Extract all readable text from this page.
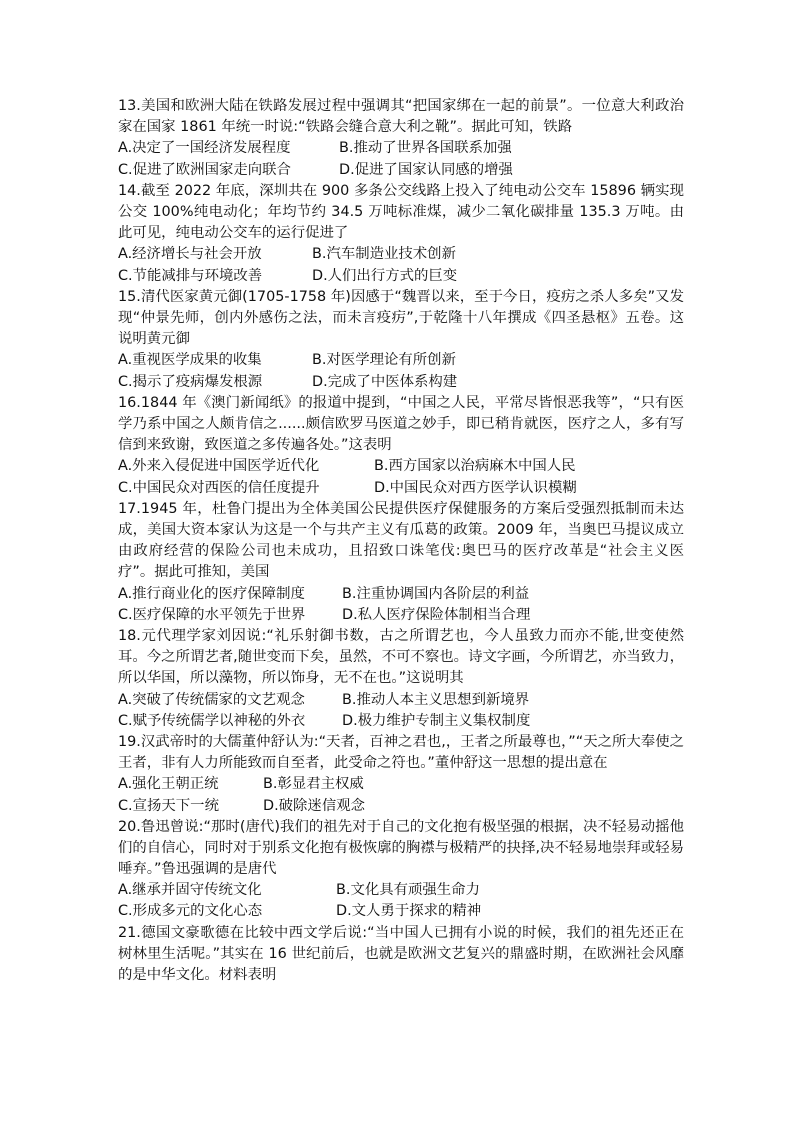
13.美国和欧洲大陆在铁路发展过程中强调其“把国家绑在一起的前景”。一位意大利政治家在国家 1861 年统一时说:“铁路会缝合意大利之靴”。据此可知，铁路
A.决定了一国经济发展程度	B.推动了世界各国联系加强
C.促进了欧洲国家走向联合	D.促进了国家认同感的增强
14.截至 2022 年底，深圳共在 900 多条公交线路上投入了纯电动公交车 15896 辆实现公交 100%纯电动化；年均节约 34.5 万吨标准煤，减少二氧化碳排量 135.3 万吨。由此可见，纯电动公交车的运行促进了
A.经济增长与社会开放	B.汽车制造业技术创新
C.节能减排与环境改善	D.人们出行方式的巨变
15.清代医家黄元御(1705-1758 年)因感于“魏晋以来，至于今日，疫疠之杀人多矣”又发现“仲景先师，创内外感伤之法，而未言疫疠”,于乾隆十八年撰成《四圣悬枢》五卷。这说明黄元御
A.重视医学成果的收集	B.对医学理论有所创新
C.揭示了疫病爆发根源	D.完成了中医体系构建
16.1844 年《澳门新闻纸》的报道中提到，“中国之人民，平常尽皆恨恶我等”，“只有医学乃系中国之人颇肯信之......颇信欧罗马医道之妙手，即已稍肯就医，医疗之人，多有写信到来致谢，致医道之多传遍各处。”这表明
A.外来入侵促进中国医学近代化	B.西方国家以治病麻木中国人民
C.中国民众对西医的信任度提升	D.中国民众对西方医学认识模糊
17.1945 年，杜鲁门提出为全体美国公民提供医疗保健服务的方案后受强烈抵制而未达成，美国大资本家认为这是一个与共产主义有瓜葛的政策。2009 年，当奥巴马提议成立由政府经营的保险公司也未成功，且招致口诛笔伐:奥巴马的医疗改革是“社会主义医疗”。据此可推知，美国
A.推行商业化的医疗保障制度	B.注重协调国内各阶层的利益
C.医疗保障的水平领先于世界	D.私人医疗保险体制相当合理
18.元代理学家刘因说:“礼乐射御书数，古之所谓艺也，今人虽致力而亦不能,世变使然耳。今之所谓艺者,随世变而下矣，虽然，不可不察也。诗文字画，今所谓艺，亦当致力，所以华国，所以藻物，所以饰身，无不在也。”这说明其
A.突破了传统儒家的文艺观念	B.推动人本主义思想到新境界
C.赋予传统儒学以神秘的外衣	D.极力维护专制主义集权制度
19.汉武帝时的大儒董仲舒认为:“天者，百神之君也,，王者之所最尊也，”“天之所大奉使之王者，非有人力所能致而自至者，此受命之符也。”董仲舒这一思想的提出意在
A.强化王朝正统	B.彰显君主权威
C.宣扬天下一统	D.破除迷信观念
20.鲁迅曾说:“那时(唐代)我们的祖先对于自己的文化抱有极坚强的根据，决不轻易动摇他们的自信心，同时对于别系文化抱有极恢廓的胸襟与极精严的抉择,决不轻易地崇拜或轻易唾弃。”鲁迅强调的是唐代
A.继承并固守传统文化	B.文化具有顽强生命力
C.形成多元的文化心态	D.文人勇于探求的精神
21.德国文豪歌德在比较中西文学后说:“当中国人已拥有小说的时候，我们的祖先还正在树林里生活呢。”其实在 16 世纪前后，也就是欧洲文艺复兴的鼎盛时期，在欧洲社会风靡的是中华文化。材料表明
